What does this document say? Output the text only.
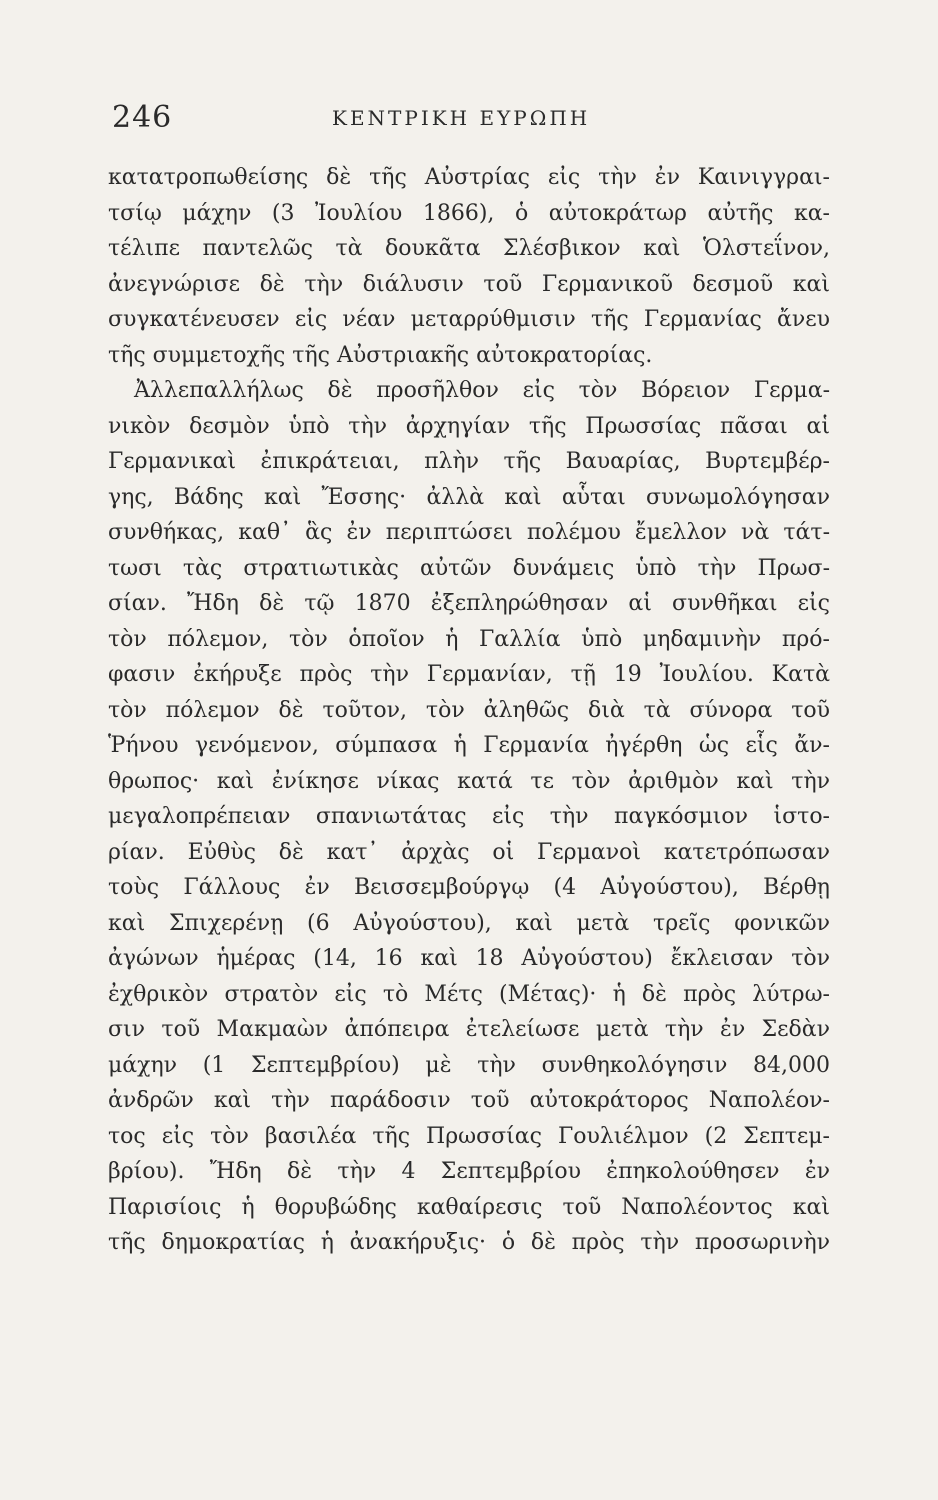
246	ΚΕΝΤΡΙΚΗ ΕΥΡΩΠΗ
κατατροπωθείσης δὲ τῆς Αὐστρίας εἰς τὴν ἐν Καινιγγραι-
τσίῳ μάχην (3 Ἰουλίου 1866), ὁ αὐτοκράτωρ αὐτῆς κα-
τέλιπε παντελῶς τὰ δουκᾶτα Σλέσβικον καὶ Ὁλστεΐνον,
ἀνεγνώρισε δὲ τὴν διάλυσιν τοῦ Γερμανικοῦ δεσμοῦ καὶ
συγκατένευσεν εἰς νέαν μεταρρύθμισιν τῆς Γερμανίας ἄνευ
τῆς συμμετοχῆς τῆς Αὐστριακῆς αὐτοκρατορίας.
Ἀλλεπαλλήλως δὲ προσῆλθον εἰς τὸν Βόρειον Γερμα-
νικὸν δεσμὸν ὑπὸ τὴν ἀρχηγίαν τῆς Πρωσσίας πᾶσαι αἱ
Γερμανικαὶ ἐπικράτειαι, πλὴν τῆς Βαυαρίας, Βυρτεμβέρ-
γης, Βάδης καὶ Ἔσσης· ἀλλὰ καὶ αὗται συνωμολόγησαν
συνθήκας, καθ᾽ ἃς ἐν περιπτώσει πολέμου ἔμελλον νὰ τάτ-
τωσι τὰς στρατιωτικὰς αὐτῶν δυνάμεις ὑπὸ τὴν Πρωσ-
σίαν. Ἤδη δὲ τῷ 1870 ἐξεπληρώθησαν αἱ συνθῆκαι εἰς
τὸν πόλεμον, τὸν ὁποῖον ἡ Γαλλία ὑπὸ μηδαμινὴν πρό-
φασιν ἐκήρυξε πρὸς τὴν Γερμανίαν, τῇ 19 Ἰουλίου. Κατὰ
τὸν πόλεμον δὲ τοῦτον, τὸν ἀληθῶς διὰ τὰ σύνορα τοῦ
Ῥήνου γενόμενον, σύμπασα ἡ Γερμανία ἠγέρθη ὡς εἷς ἄν-
θρωπος· καὶ ἐνίκησε νίκας κατά τε τὸν ἀριθμὸν καὶ τὴν
μεγαλοπρέπειαν σπανιωτάτας εἰς τὴν παγκόσμιον ἱστο-
ρίαν. Εὐθὺς δὲ κατ᾽ ἀρχὰς οἱ Γερμανοὶ κατετρόπωσαν
τοὺς Γάλλους ἐν Βεισσεμβούργῳ (4 Αὐγούστου), Βέρθῃ
καὶ Σπιχερένῃ (6 Αὐγούστου), καὶ μετὰ τρεῖς φονικῶν
ἀγώνων ἡμέρας (14, 16 καὶ 18 Αὐγούστου) ἔκλεισαν τὸν
ἐχθρικὸν στρατὸν εἰς τὸ Μέτς (Μέτας)· ἡ δὲ πρὸς λύτρω-
σιν τοῦ Μακμαὼν ἀπόπειρα ἐτελείωσε μετὰ τὴν ἐν Σεδὰν
μάχην (1 Σεπτεμβρίου) μὲ τὴν συνθηκολόγησιν 84,000
ἀνδρῶν καὶ τὴν παράδοσιν τοῦ αὐτοκράτορος Ναπολέον-
τος εἰς τὸν βασιλέα τῆς Πρωσσίας Γουλιέλμον (2 Σεπτεμ-
βρίου). Ἤδη δὲ τὴν 4 Σεπτεμβρίου ἐπηκολούθησεν ἐν
Παρισίοις ἡ θορυβώδης καθαίρεσις τοῦ Ναπολέοντος καὶ
τῆς δημοκρατίας ἡ ἀνακήρυξις· ὁ δὲ πρὸς τὴν προσωρινὴν
